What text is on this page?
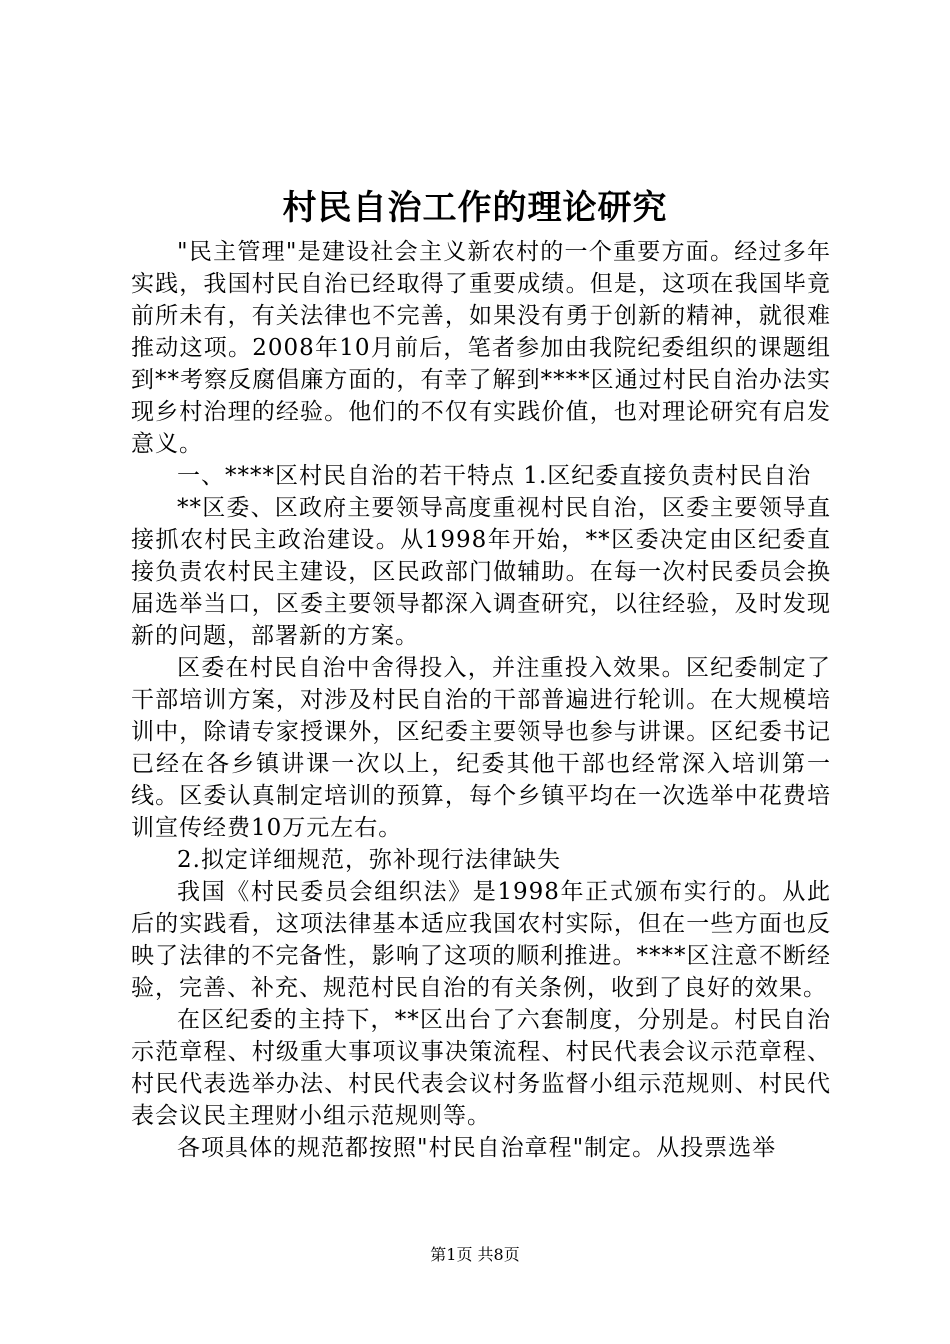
村民自治工作的理论研究

"民主管理"是建设社会主义新农村的一个重要方面。经过多年实践，我国村民自治已经取得了重要成绩。但是，这项在我国毕竟前所未有，有关法律也不完善，如果没有勇于创新的精神，就很难推动这项。2008年10月前后，笔者参加由我院纪委组织的课题组到**考察反腐倡廉方面的，有幸了解到****区通过村民自治办法实现乡村治理的经验。他们的不仅有实践价值，也对理论研究有启发意义。

一、****区村民自治的若干特点 1.区纪委直接负责村民自治

**区委、区政府主要领导高度重视村民自治，区委主要领导直接抓农村民主政治建设。从1998年开始，**区委决定由区纪委直接负责农村民主建设，区民政部门做辅助。在每一次村民委员会换届选举当口，区委主要领导都深入调查研究，以往经验，及时发现新的问题，部署新的方案。

区委在村民自治中舍得投入，并注重投入效果。区纪委制定了干部培训方案，对涉及村民自治的干部普遍进行轮训。在大规模培训中，除请专家授课外，区纪委主要领导也参与讲课。区纪委书记已经在各乡镇讲课一次以上，纪委其他干部也经常深入培训第一线。区委认真制定培训的预算，每个乡镇平均在一次选举中花费培训宣传经费10万元左右。

2.拟定详细规范，弥补现行法律缺失

我国《村民委员会组织法》是1998年正式颁布实行的。从此后的实践看，这项法律基本适应我国农村实际，但在一些方面也反映了法律的不完备性，影响了这项的顺利推进。****区注意不断经验，完善、补充、规范村民自治的有关条例，收到了良好的效果。

在区纪委的主持下，**区出台了六套制度，分别是。村民自治示范章程、村级重大事项议事决策流程、村民代表会议示范章程、村民代表选举办法、村民代表会议村务监督小组示范规则、村民代表会议民主理财小组示范规则等。

各项具体的规范都按照"村民自治章程"制定。从投票选举

第1页 共8页
